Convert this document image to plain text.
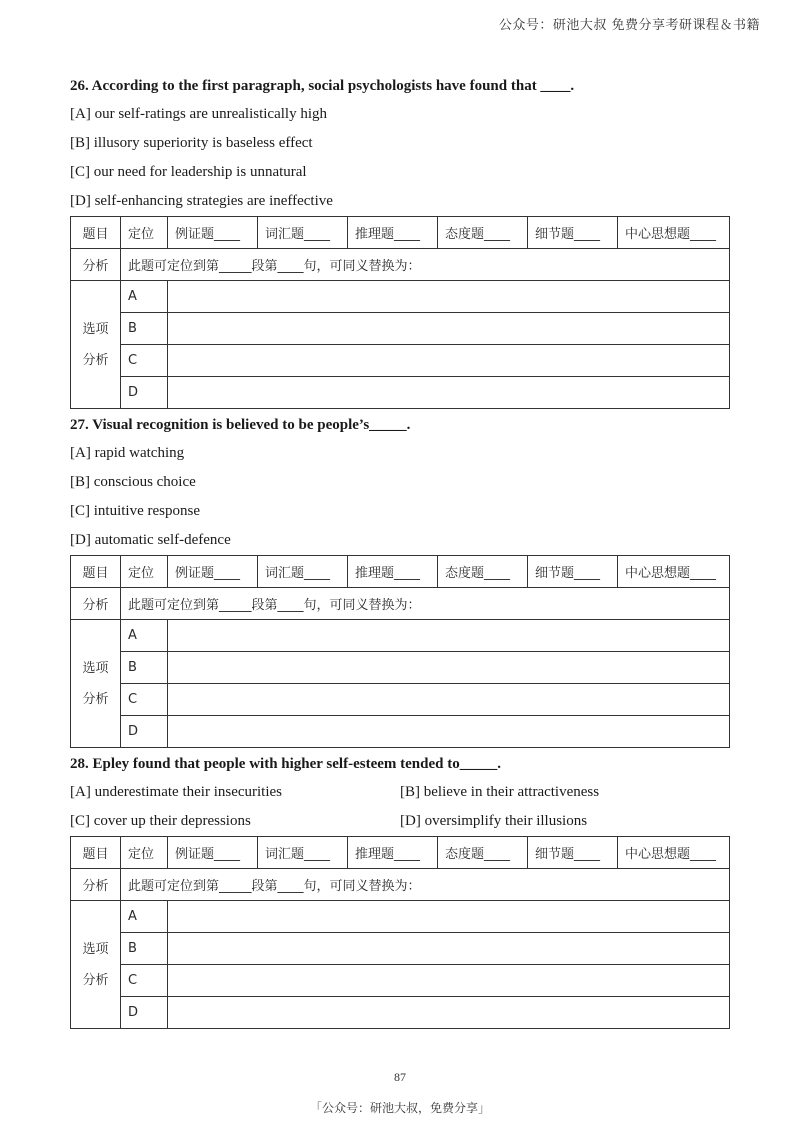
公众号：研池大叔 免费分享考研课程＆书籍
26. According to the first paragraph, social psychologists have found that ____.
[A] our self-ratings are unrealistically high
[B] illusory superiority is baseless effect
[C] our need for leadership is unnatural
[D] self-enhancing strategies are ineffective
题目	定位	例证题____	词汇题____	推理题____	态度题____	细节题____	中心思想题____
分析	此题可定位到第_____段第____句，可同义替换为：						

选项
分析	A						
	B						
	C						
	D						
27. Visual recognition is believed to be people’s_____.
[A] rapid watching
[B] conscious choice
[C] intuitive response
[D] automatic self-defence
题目	定位	例证题____	词汇题____	推理题____	态度题____	细节题____	中心思想题____
分析	此题可定位到第_____段第____句，可同义替换为：						

选项
分析	A						
	B						
	C						
	D						
28. Epley found that people with higher self-esteem tended to_____.
[A] underestimate their insecurities	[B] believe in their attractiveness
[C] cover up their depressions	[D] oversimplify their illusions
题目	定位	例证题____	词汇题____	推理题____	态度题____	细节题____	中心思想题____
分析	此题可定位到第_____段第____句，可同义替换为：						

选项
分析	A						
	B						
	C						
	D						
87
「公众号：研池大叔，免费分享」
